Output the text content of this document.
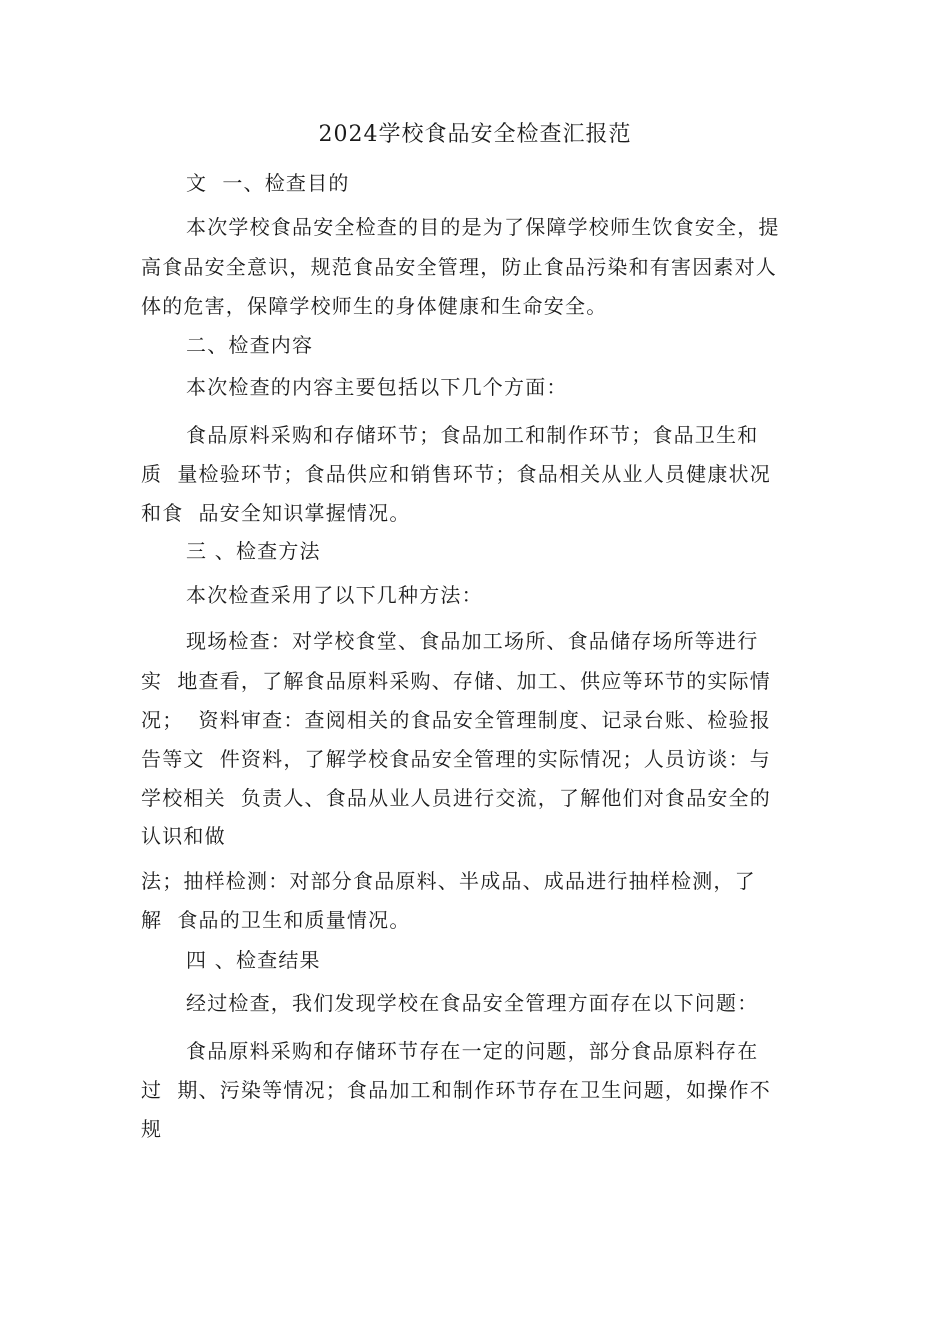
2024学校食品安全检查汇报范
文  一、检查目的
本次学校食品安全检查的目的是为了保障学校师生饮食安全，提
高食品安全意识，规范食品安全管理，防止食品污染和有害因素对人
体的危害，保障学校师生的身体健康和生命安全。
二、检查内容
本次检查的内容主要包括以下几个方面：
食品原料采购和存储环节；食品加工和制作环节；食品卫生和
质  量检验环节；食品供应和销售环节；食品相关从业人员健康状况
和食  品安全知识掌握情况。
三 、检查方法
本次检查采用了以下几种方法：
现场检查：对学校食堂、食品加工场所、食品储存场所等进行
实  地查看，了解食品原料采购、存储、加工、供应等环节的实际情
况；  资料审查：查阅相关的食品安全管理制度、记录台账、检验报
告等文  件资料，了解学校食品安全管理的实际情况；人员访谈：与
学校相关  负责人、食品从业人员进行交流，了解他们对食品安全的
认识和做
法；抽样检测：对部分食品原料、半成品、成品进行抽样检测，了
解  食品的卫生和质量情况。
四 、检查结果
经过检查，我们发现学校在食品安全管理方面存在以下问题：
食品原料采购和存储环节存在一定的问题，部分食品原料存在
过  期、污染等情况；食品加工和制作环节存在卫生问题，如操作不
规
